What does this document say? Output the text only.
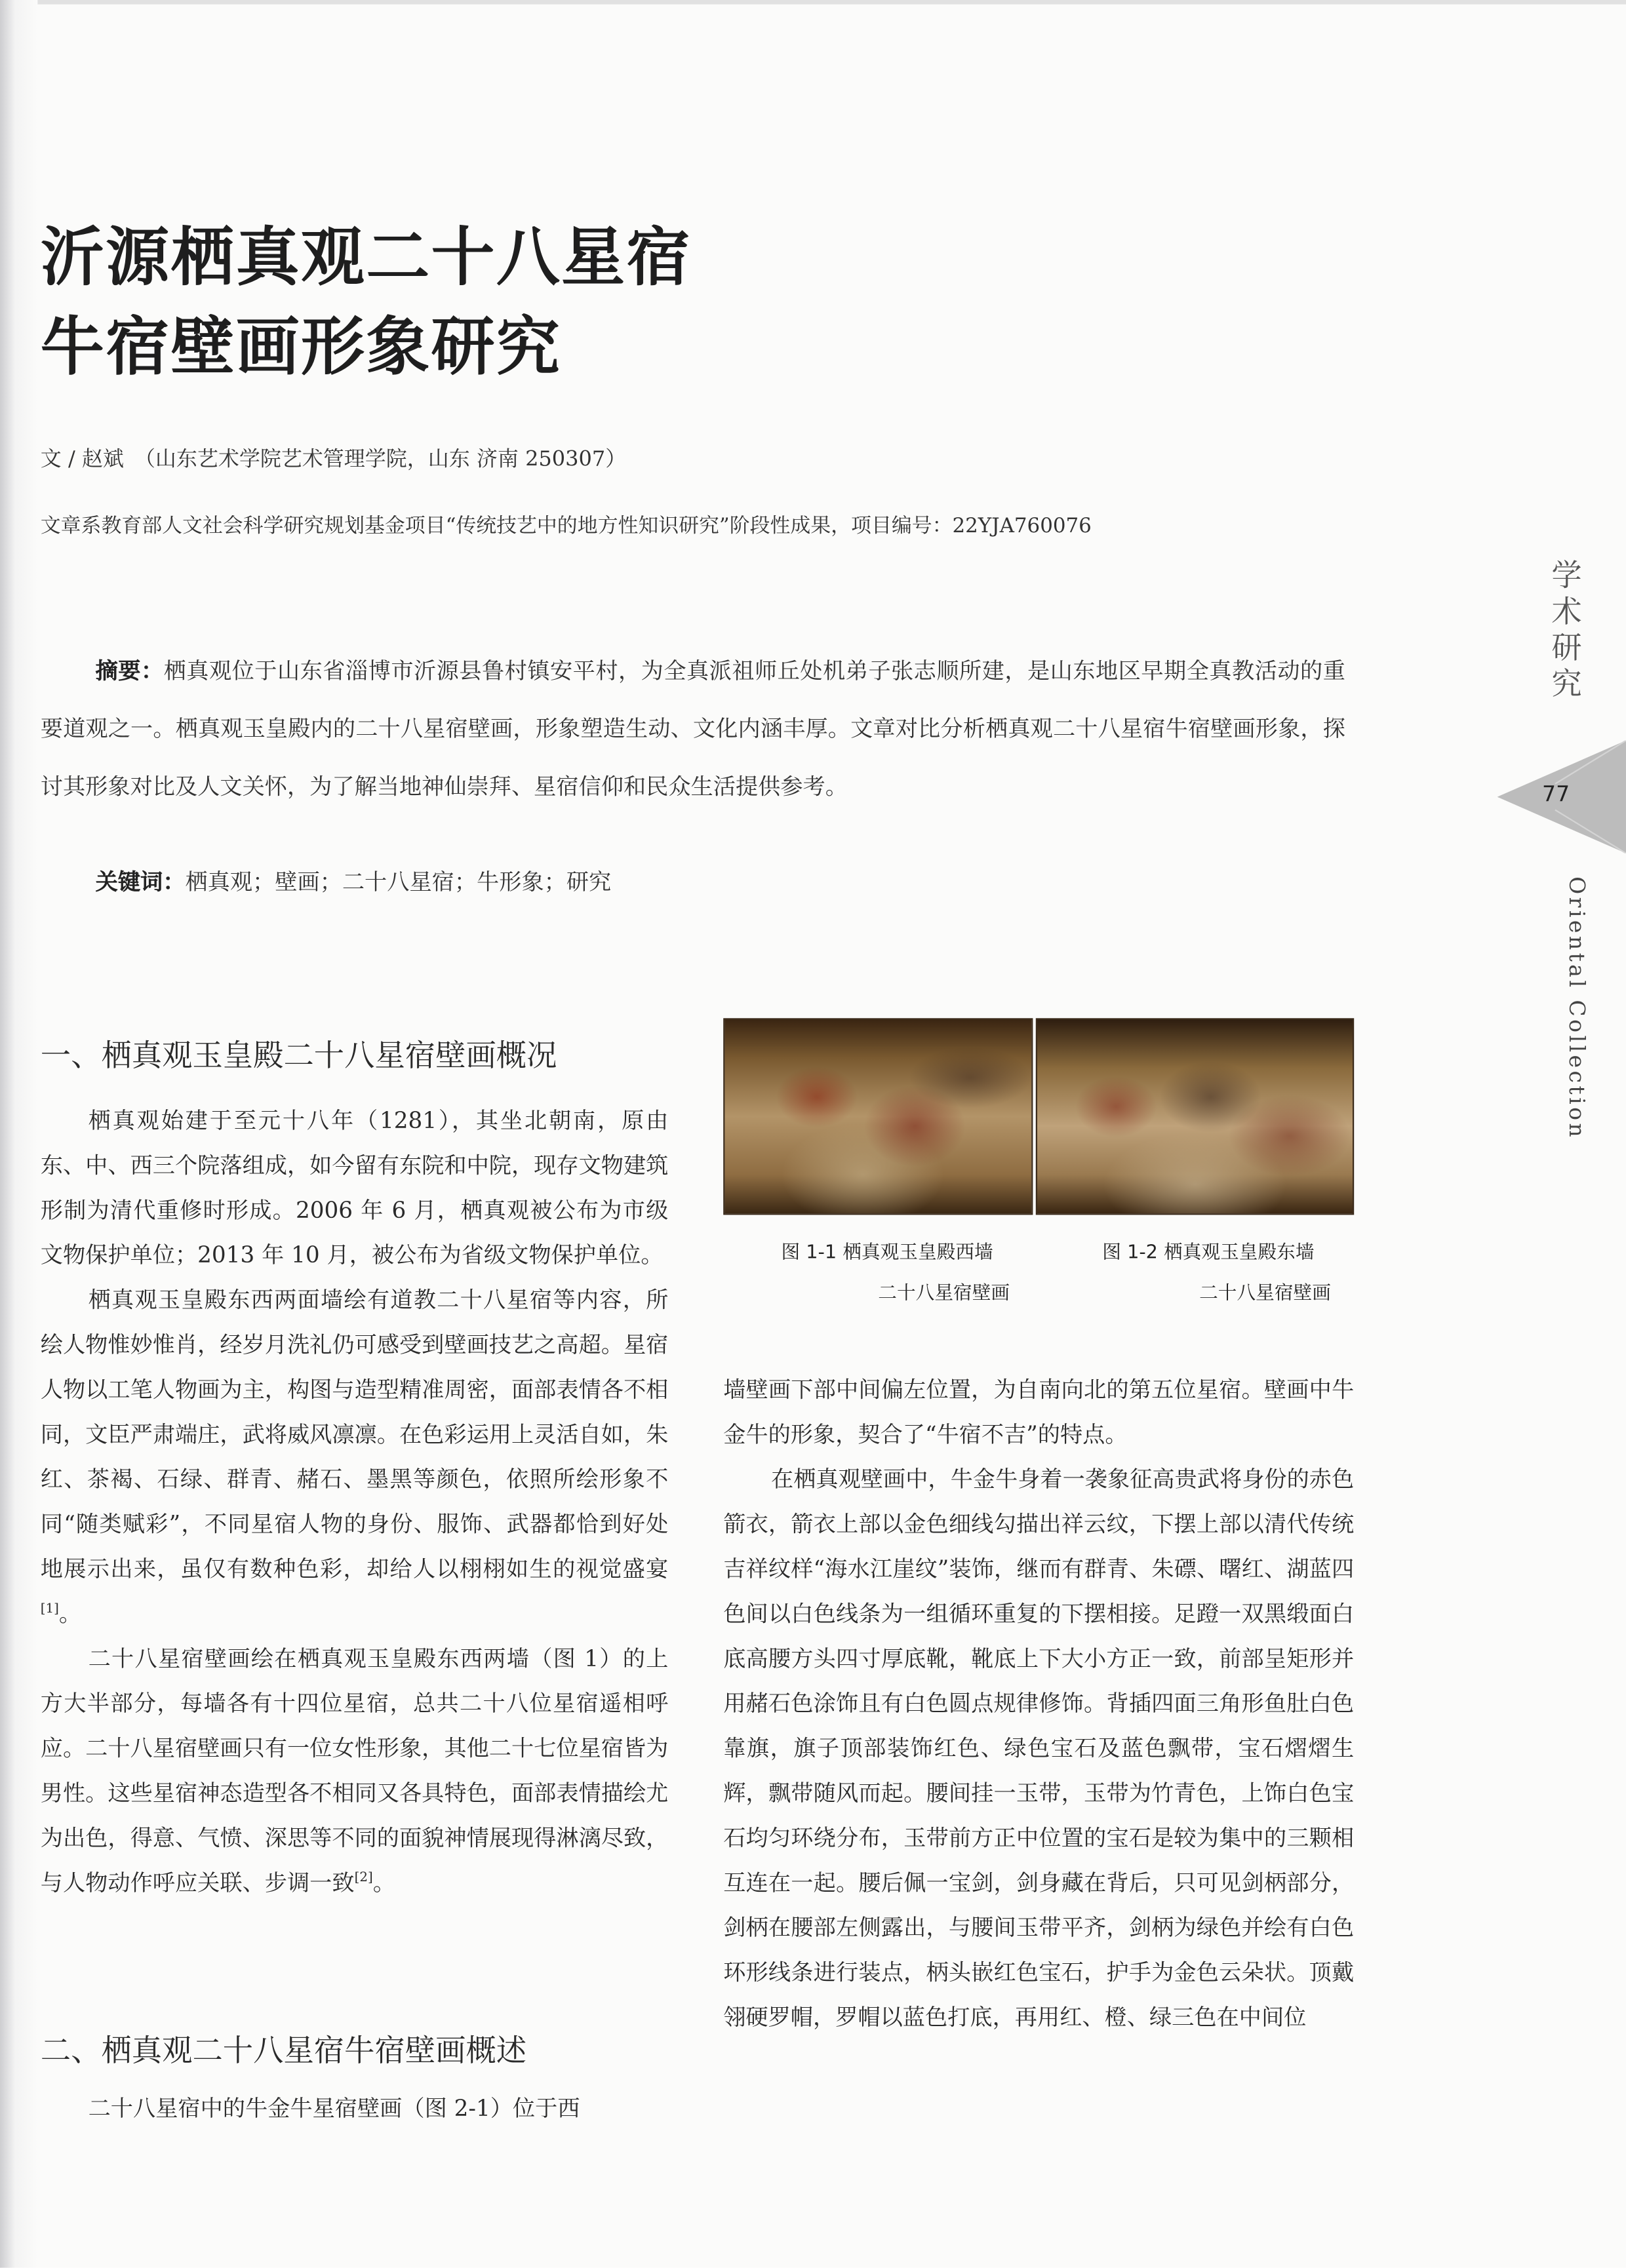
沂源栖真观二十八星宿
牛宿壁画形象研究
文 / 赵斌　（山东艺术学院艺术管理学院，山东 济南 250307）
文章系教育部人文社会科学研究规划基金项目“传统技艺中的地方性知识研究”阶段性成果，项目编号：22YJA760076
摘要：栖真观位于山东省淄博市沂源县鲁村镇安平村，为全真派祖师丘处机弟子张志顺所建，是山东地区早期全真教活动的重要道观之一。栖真观玉皇殿内的二十八星宿壁画，形象塑造生动、文化内涵丰厚。文章对比分析栖真观二十八星宿牛宿壁画形象，探讨其形象对比及人文关怀，为了解当地神仙崇拜、星宿信仰和民众生活提供参考。
关键词：栖真观；壁画；二十八星宿；牛形象；研究
一、栖真观玉皇殿二十八星宿壁画概况

栖真观始建于至元十八年（1281），其坐北朝南，原由东、中、西三个院落组成，如今留有东院和中院，现存文物建筑形制为清代重修时形成。2006 年 6 月，栖真观被公布为市级文物保护单位；2013 年 10 月，被公布为省级文物保护单位。

栖真观玉皇殿东西两面墙绘有道教二十八星宿等内容，所绘人物惟妙惟肖，经岁月洗礼仍可感受到壁画技艺之高超。星宿人物以工笔人物画为主，构图与造型精准周密，面部表情各不相同，文臣严肃端庄，武将威风凛凛。在色彩运用上灵活自如，朱红、茶褐、石绿、群青、赭石、墨黑等颜色，依照所绘形象不同“随类赋彩”，不同星宿人物的身份、服饰、武器都恰到好处地展示出来，虽仅有数种色彩，却给人以栩栩如生的视觉盛宴[1]。

二十八星宿壁画绘在栖真观玉皇殿东西两墙（图 1）的上方大半部分，每墙各有十四位星宿，总共二十八位星宿遥相呼应。二十八星宿壁画只有一位女性形象，其他二十七位星宿皆为男性。这些星宿神态造型各不相同又各具特色，面部表情描绘尤为出色，得意、气愤、深思等不同的面貌神情展现得淋漓尽致，与人物动作呼应关联、步调一致[2]。

二、栖真观二十八星宿牛宿壁画概述

二十八星宿中的牛金牛星宿壁画（图 2-1）位于西

图 1-1 栖真观玉皇殿西墙
二十八星宿壁画
图 1-2 栖真观玉皇殿东墙
二十八星宿壁画

墙壁画下部中间偏左位置，为自南向北的第五位星宿。壁画中牛金牛的形象，契合了“牛宿不吉”的特点。

在栖真观壁画中，牛金牛身着一袭象征高贵武将身份的赤色箭衣，箭衣上部以金色细线勾描出祥云纹，下摆上部以清代传统吉祥纹样“海水江崖纹”装饰，继而有群青、朱磦、曙红、湖蓝四色间以白色线条为一组循环重复的下摆相接。足蹬一双黑缎面白底高腰方头四寸厚底靴，靴底上下大小方正一致，前部呈矩形并用赭石色涂饰且有白色圆点规律修饰。背插四面三角形鱼肚白色靠旗，旗子顶部装饰红色、绿色宝石及蓝色飘带，宝石熠熠生辉，飘带随风而起。腰间挂一玉带，玉带为竹青色，上饰白色宝石均匀环绕分布，玉带前方正中位置的宝石是较为集中的三颗相互连在一起。腰后佩一宝剑，剑身藏在背后，只可见剑柄部分，剑柄在腰部左侧露出，与腰间玉带平齐，剑柄为绿色并绘有白色环形线条进行装点，柄头嵌红色宝石，护手为金色云朵状。顶戴翎硬罗帽，罗帽以蓝色打底，再用红、橙、绿三色在中间位

学
术
研
究
77
Oriental Collection
